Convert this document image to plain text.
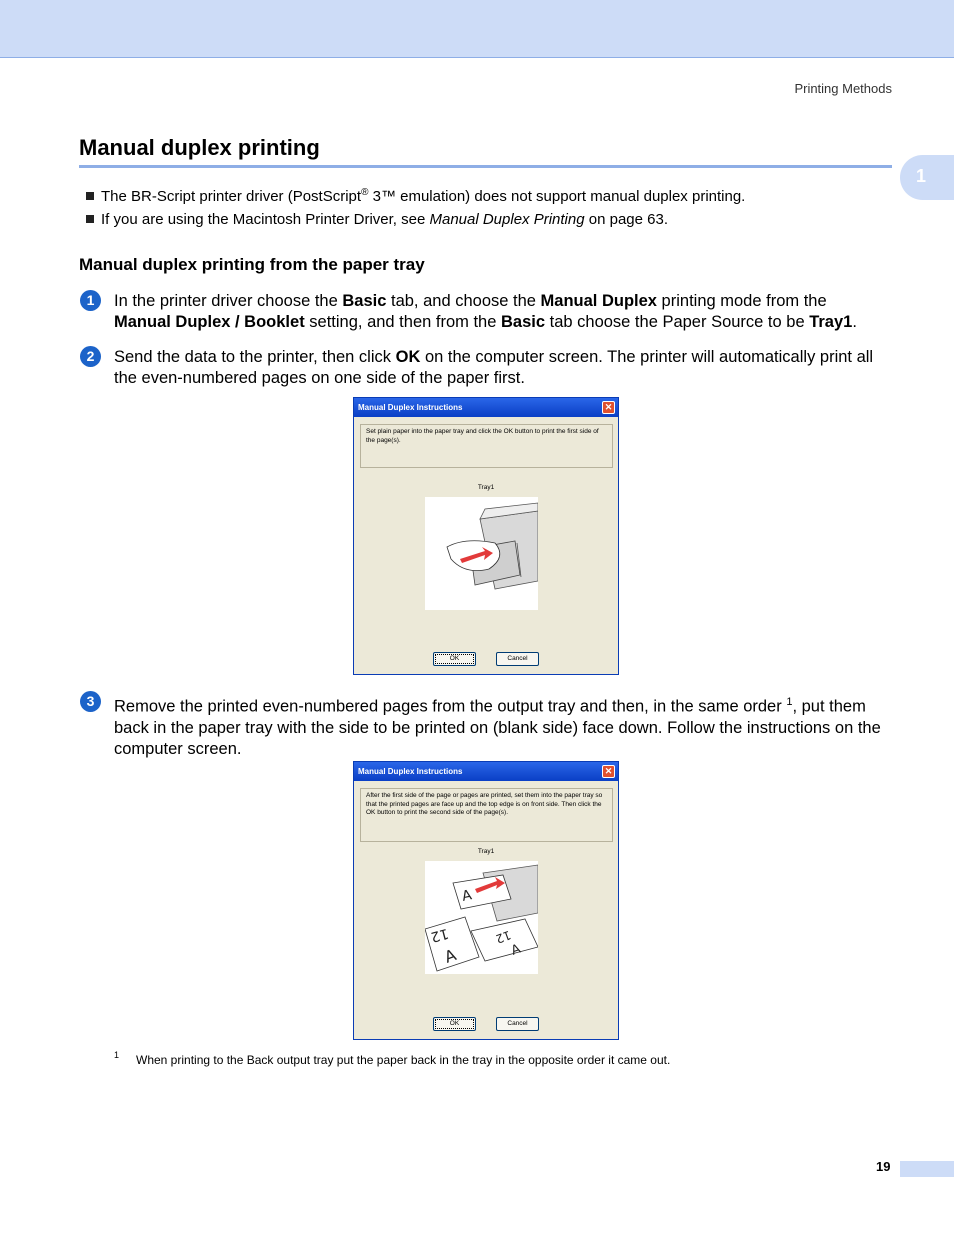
Printing Methods
1
Manual duplex printing
The BR-Script printer driver (PostScript® 3™ emulation) does not support manual duplex printing.
If you are using the Macintosh Printer Driver, see Manual Duplex Printing on page 63.
Manual duplex printing from the paper tray
1	In the printer driver choose the Basic tab, and choose the Manual Duplex printing mode from the
Manual Duplex / Booklet setting, and then from the Basic tab choose the Paper Source to be Tray1.
2	Send the data to the printer, then click OK on the computer screen. The printer will automatically print all the even-numbered pages on one side of the paper first.
Manual Duplex Instructions	✕
Set plain paper into the paper tray and click the OK button to print the first side of the page(s).
Tray1
OK	Cancel
3	Remove the printed even-numbered pages from the output tray and then, in the same order $^1$, put them back in the paper tray with the side to be printed on (blank side) face down. Follow the instructions on the computer screen.
Manual Duplex Instructions	✕
After the first side of the page or pages are printed, set them into the paper tray so that the printed pages are face up and the top edge is on front side. Then click the OK button to print the second side of the page(s).
Tray1
A
12
A
12
A
OK	Cancel
1 When printing to the Back output tray put the paper back in the tray in the opposite order it came out.
19
